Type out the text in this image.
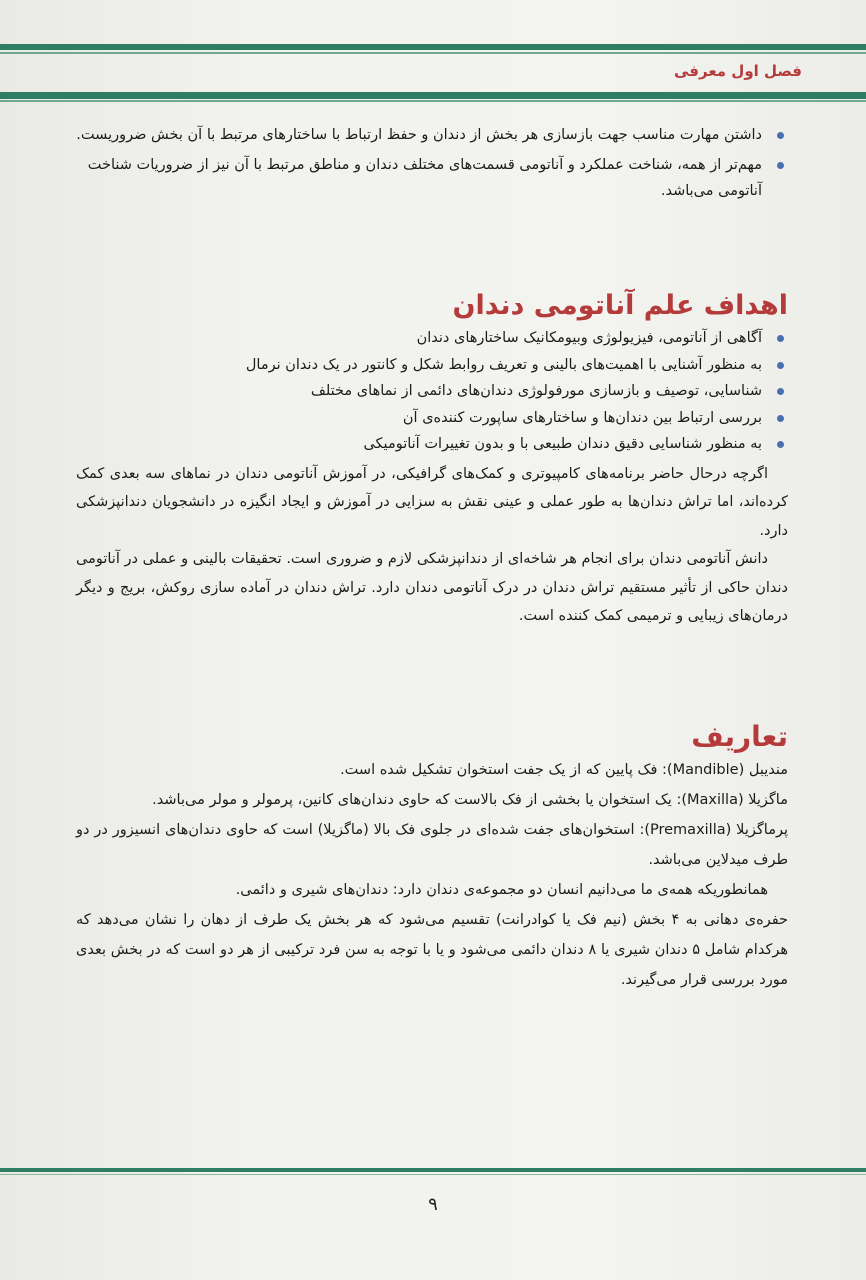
فصل اول معرفی
داشتن مهارت مناسب جهت بازسازی هر بخش از دندان و حفظ ارتباط با ساختارهای مرتبط با آن بخش ضروریست.
مهم‌تر از همه، شناخت عملکرد و آناتومی قسمت‌های مختلف دندان و مناطق مرتبط با آن نیز از ضروریات شناخت آناتومی می‌باشد.
اهداف علم آناتومی دندان
آگاهی از آناتومی، فیزیولوژی وبیومکانیک ساختارهای دندان
به منظور آشنایی با اهمیت‌های بالینی و تعریف روابط شکل و کانتور در یک دندان نرمال
شناسایی، توصیف و بازسازی مورفولوژی دندان‌های دائمی از نماهای مختلف
بررسی ارتباط بین دندان‌ها و ساختارهای ساپورت کننده‌ی آن
به منظور شناسایی دقیق دندان طبیعی با و بدون تغییرات آناتومیکی

اگرچه درحال حاضر برنامه‌های کامپیوتری و کمک‌های گرافیکی، در آموزش آناتومی دندان در نماهای سه بعدی کمک کرده‌اند، اما تراش دندان‌ها به طور عملی و عینی نقش به سزایی در آموزش و ایجاد انگیزه در دانشجویان دندانپزشکی دارد.

دانش آناتومی دندان برای انجام هر شاخه‌ای از دندانپزشکی لازم و ضروری است. تحقیقات بالینی و عملی در آناتومی دندان حاکی از تأثیر مستقیم تراش دندان در درک آناتومی دندان دارد. تراش دندان در آماده سازی روکش، بریج و دیگر درمان‌های زیبایی و ترمیمی کمک کننده است.

تعاریف

مندیبل (Mandible): فک پایین که از یک جفت استخوان تشکیل شده است.

ماگزیلا (Maxilla): یک استخوان یا بخشی از فک بالاست که حاوی دندان‌های کانین، پرمولر و مولر می‌باشد.

پرماگزیلا (Premaxilla): استخوان‌های جفت شده‌ای در جلوی فک بالا (ماگزیلا) است که حاوی دندان‌های انسیزور در دو طرف میدلاین می‌باشد.

همانطوریکه همه‌ی ما می‌دانیم انسان دو مجموعه‌ی دندان دارد: دندان‌های شیری و دائمی.

حفره‌ی دهانی به ۴ بخش (نیم فک یا کوادرانت) تقسیم می‌شود که هر بخش یک طرف از دهان را نشان می‌دهد که هرکدام شامل ۵ دندان شیری یا ۸ دندان دائمی می‌شود و یا با توجه به سن فرد ترکیبی از هر دو است که در بخش بعدی مورد بررسی قرار می‌گیرند.

۹
